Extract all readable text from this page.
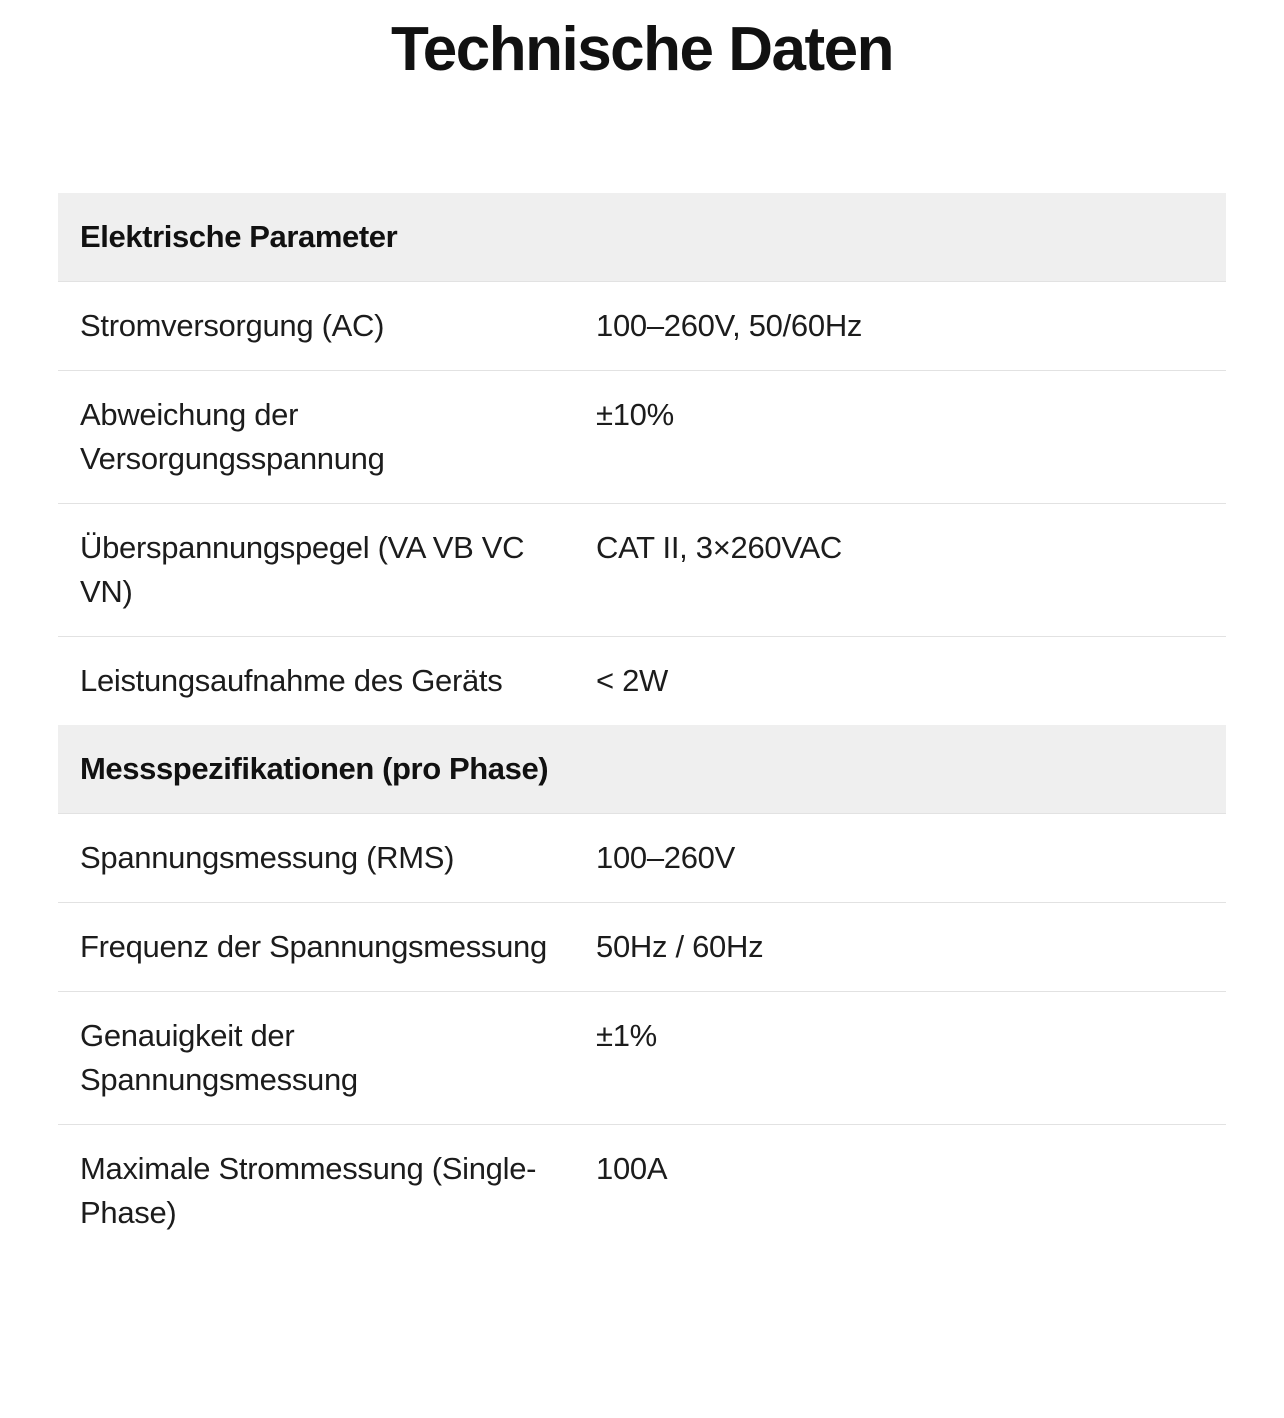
Technische Daten
Elektrische Parameter	
Stromversorgung (AC)	100–260V, 50/60Hz
Abweichung der Versorgungsspannung	±10%
Überspannungspegel (VA VB VC VN)	CAT II, 3×260VAC
Leistungsaufnahme des Geräts	< 2W
Messspezifikationen (pro Phase)	
Spannungsmessung (RMS)	100–260V
Frequenz der Spannungsmessung	50Hz / 60Hz
Genauigkeit der Spannungsmessung	±1%
Maximale Strommessung (Single-Phase)	100A
